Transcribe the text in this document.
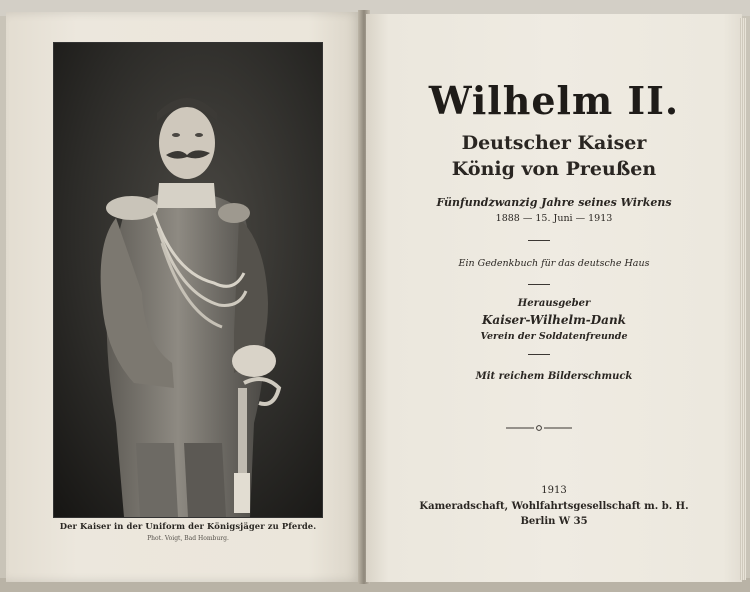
Der Kaiser in der Uniform der Königsjäger zu Pferde.
Phot. Voigt, Bad Homburg.
Wilhelm II.
Deutscher Kaiser
König von Preußen
Fünfundzwanzig Jahre seines Wirkens
1888 — 15. Juni — 1913
Ein Gedenkbuch für das deutsche Haus
Herausgeber
Kaiser-Wilhelm-Dank
Verein der Soldatenfreunde
Mit reichem Bilderschmuck
1913
Kameradschaft, Wohlfahrtsgesellschaft m. b. H.
Berlin W 35
